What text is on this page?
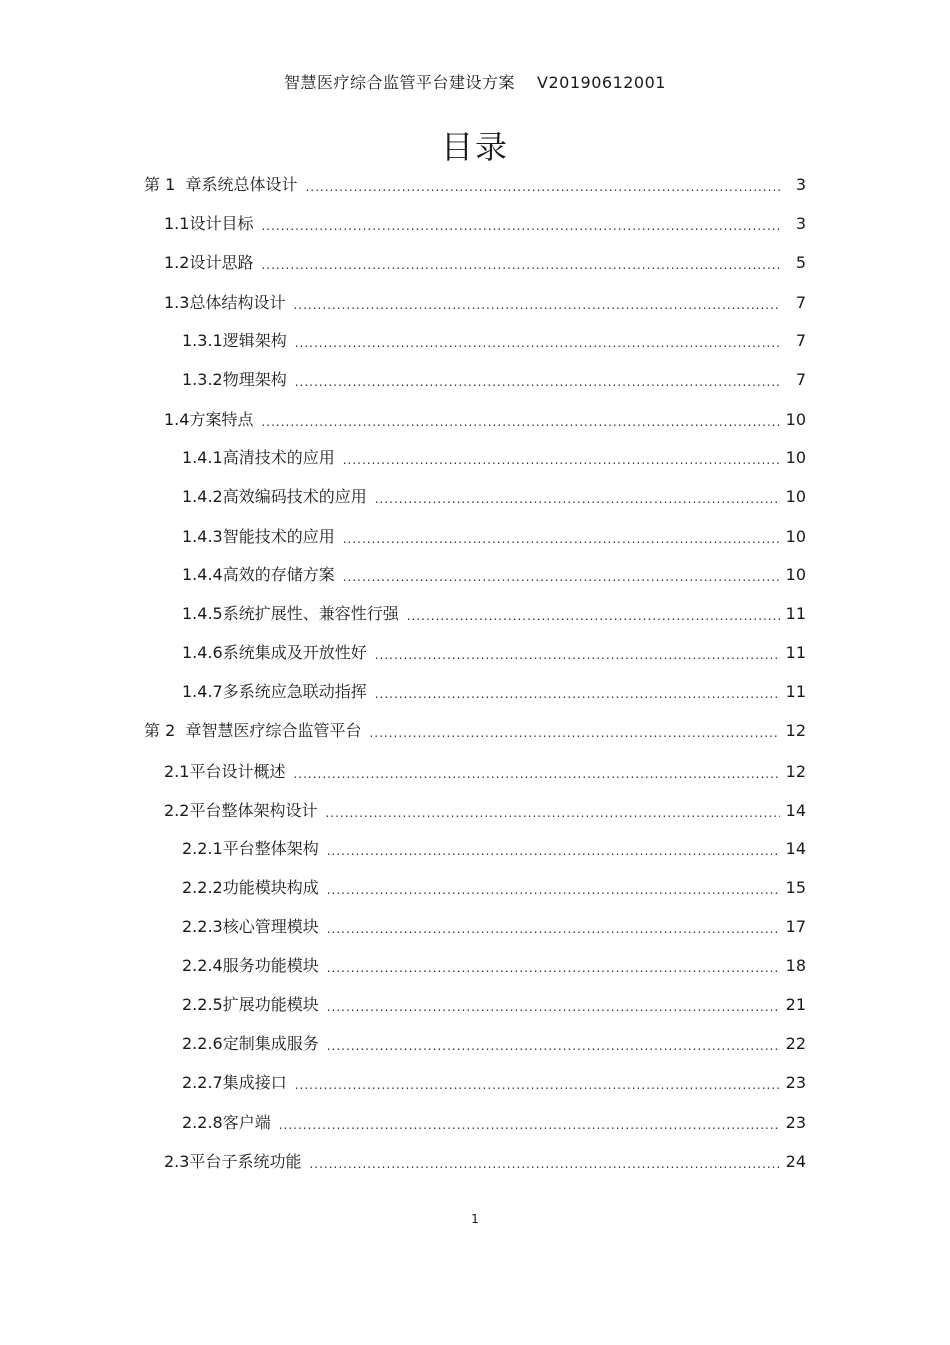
智慧医疗综合监管平台建设方案 V20190612001
目录
第 1  章 系统总体设计 .....	3
1.1 设计目标 .....	3
1.2 设计思路 .....	5
1.3 总体结构设计 .....	7
1.3.1 逻辑架构 .....	7
1.3.2 物理架构 .....	7
1.4 方案特点 .....	10
1.4.1 高清技术的应用 .....	10
1.4.2 高效编码技术的应用 .....	10
1.4.3 智能技术的应用 .....	10
1.4.4 高效的存储方案 .....	10
1.4.5 系统扩展性、兼容性行强 .....	11
1.4.6 系统集成及开放性好 .....	11
1.4.7 多系统应急联动指挥 .....	11
第 2  章 智慧医疗综合监管平台 .....	12
2.1 平台设计概述 .....	12
2.2 平台整体架构设计 .....	14
2.2.1 平台整体架构 .....	14
2.2.2 功能模块构成 .....	15
2.2.3 核心管理模块 .....	17
2.2.4 服务功能模块 .....	18
2.2.5 扩展功能模块 .....	21
2.2.6 定制集成服务 .....	22
2.2.7 集成接口 .....	23
2.2.8 客户端 .....	23
2.3 平台子系统功能 .....	24
1
